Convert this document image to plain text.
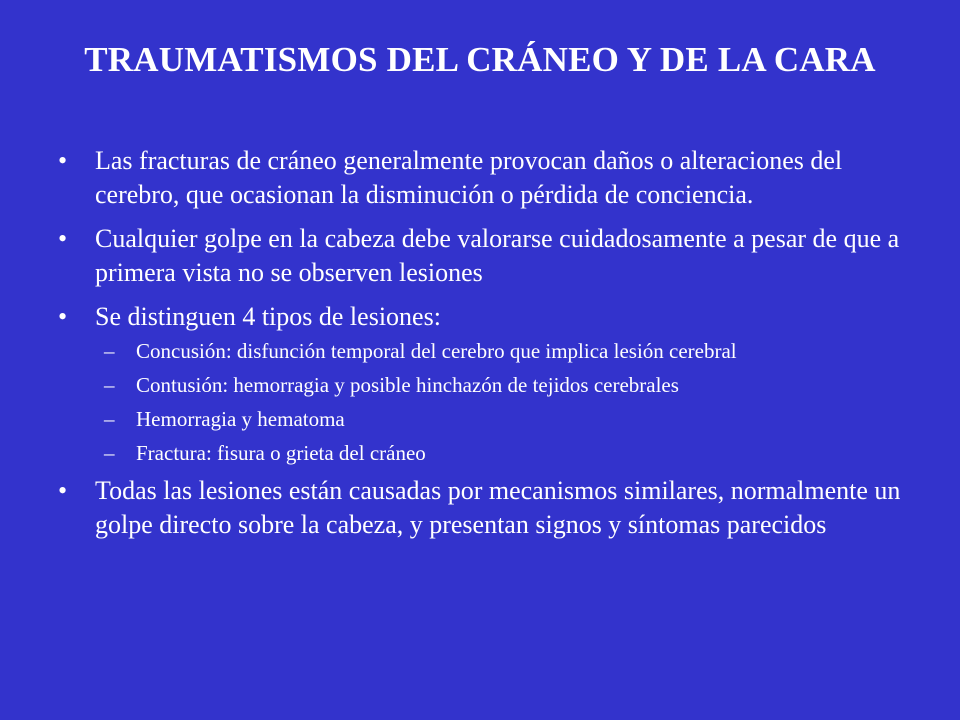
TRAUMATISMOS DEL CRÁNEO Y DE LA CARA
•	Las fracturas de cráneo generalmente provocan daños o alteraciones del cerebro, que ocasionan la disminución o pérdida de conciencia.
•	Cualquier golpe en la cabeza debe valorarse cuidadosamente a pesar de que a primera vista no se observen lesiones
•	Se distinguen 4 tipos de lesiones:
– Concusión: disfunción temporal del cerebro que implica lesión cerebral
– Contusión: hemorragia y posible hinchazón de tejidos cerebrales
– Hemorragia y hematoma
– Fractura: fisura o grieta del cráneo
•	Todas las lesiones están causadas por mecanismos similares, normalmente un golpe directo sobre la cabeza, y presentan signos y síntomas parecidos
